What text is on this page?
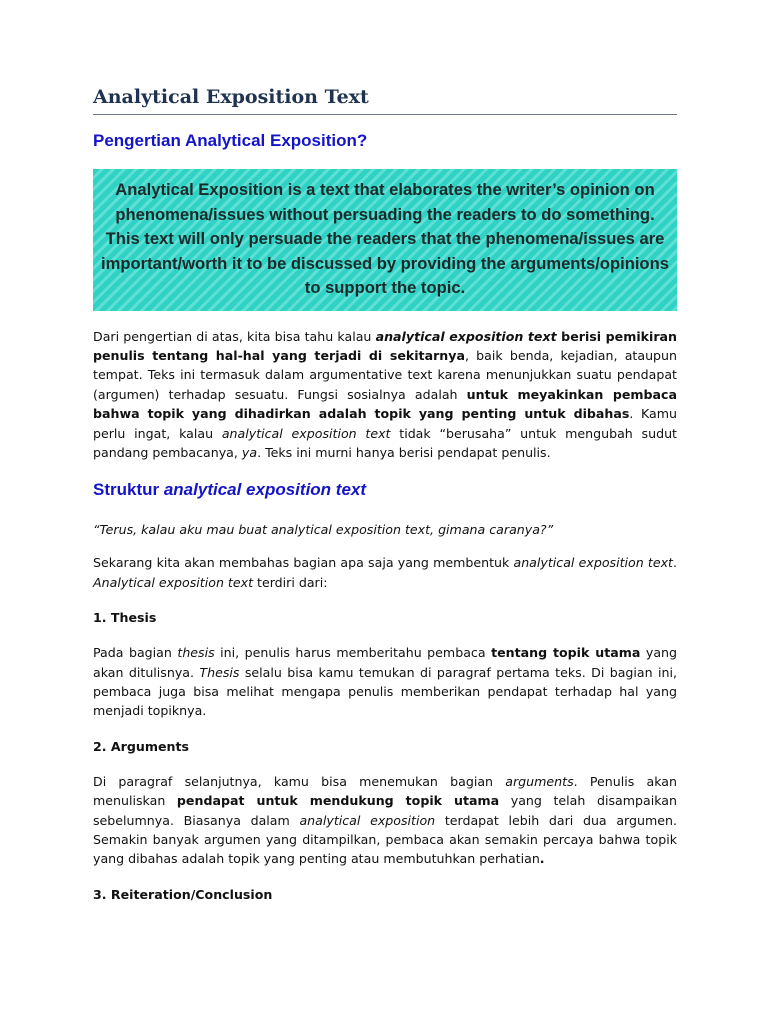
Analytical Exposition Text
Pengertian Analytical Exposition?
Analytical Exposition is a text that elaborates the writer’s opinion on phenomena/issues without persuading the readers to do something. This text will only persuade the readers that the phenomena/issues are important/worth it to be discussed by providing the arguments/opinions to support the topic.

Dari pengertian di atas, kita bisa tahu kalau analytical exposition text berisi pemikiran penulis tentang hal-hal yang terjadi di sekitarnya, baik benda, kejadian, ataupun tempat. Teks ini termasuk dalam argumentative text karena menunjukkan suatu pendapat (argumen) terhadap sesuatu. Fungsi sosialnya adalah untuk meyakinkan pembaca bahwa topik yang dihadirkan adalah topik yang penting untuk dibahas. Kamu perlu ingat, kalau analytical exposition text tidak “berusaha” untuk mengubah sudut pandang pembacanya, ya. Teks ini murni hanya berisi pendapat penulis.

Struktur analytical exposition text

“Terus, kalau aku mau buat analytical exposition text, gimana caranya?”

Sekarang kita akan membahas bagian apa saja yang membentuk analytical exposition text. Analytical exposition text terdiri dari:

1. Thesis

Pada bagian thesis ini, penulis harus memberitahu pembaca tentang topik utama yang akan ditulisnya. Thesis selalu bisa kamu temukan di paragraf pertama teks. Di bagian ini, pembaca juga bisa melihat mengapa penulis memberikan pendapat terhadap hal yang menjadi topiknya.

2. Arguments

Di paragraf selanjutnya, kamu bisa menemukan bagian arguments. Penulis akan menuliskan pendapat untuk mendukung topik utama yang telah disampaikan sebelumnya. Biasanya dalam analytical exposition terdapat lebih dari dua argumen. Semakin banyak argumen yang ditampilkan, pembaca akan semakin percaya bahwa topik yang dibahas adalah topik yang penting atau membutuhkan perhatian.

3. Reiteration/Conclusion
